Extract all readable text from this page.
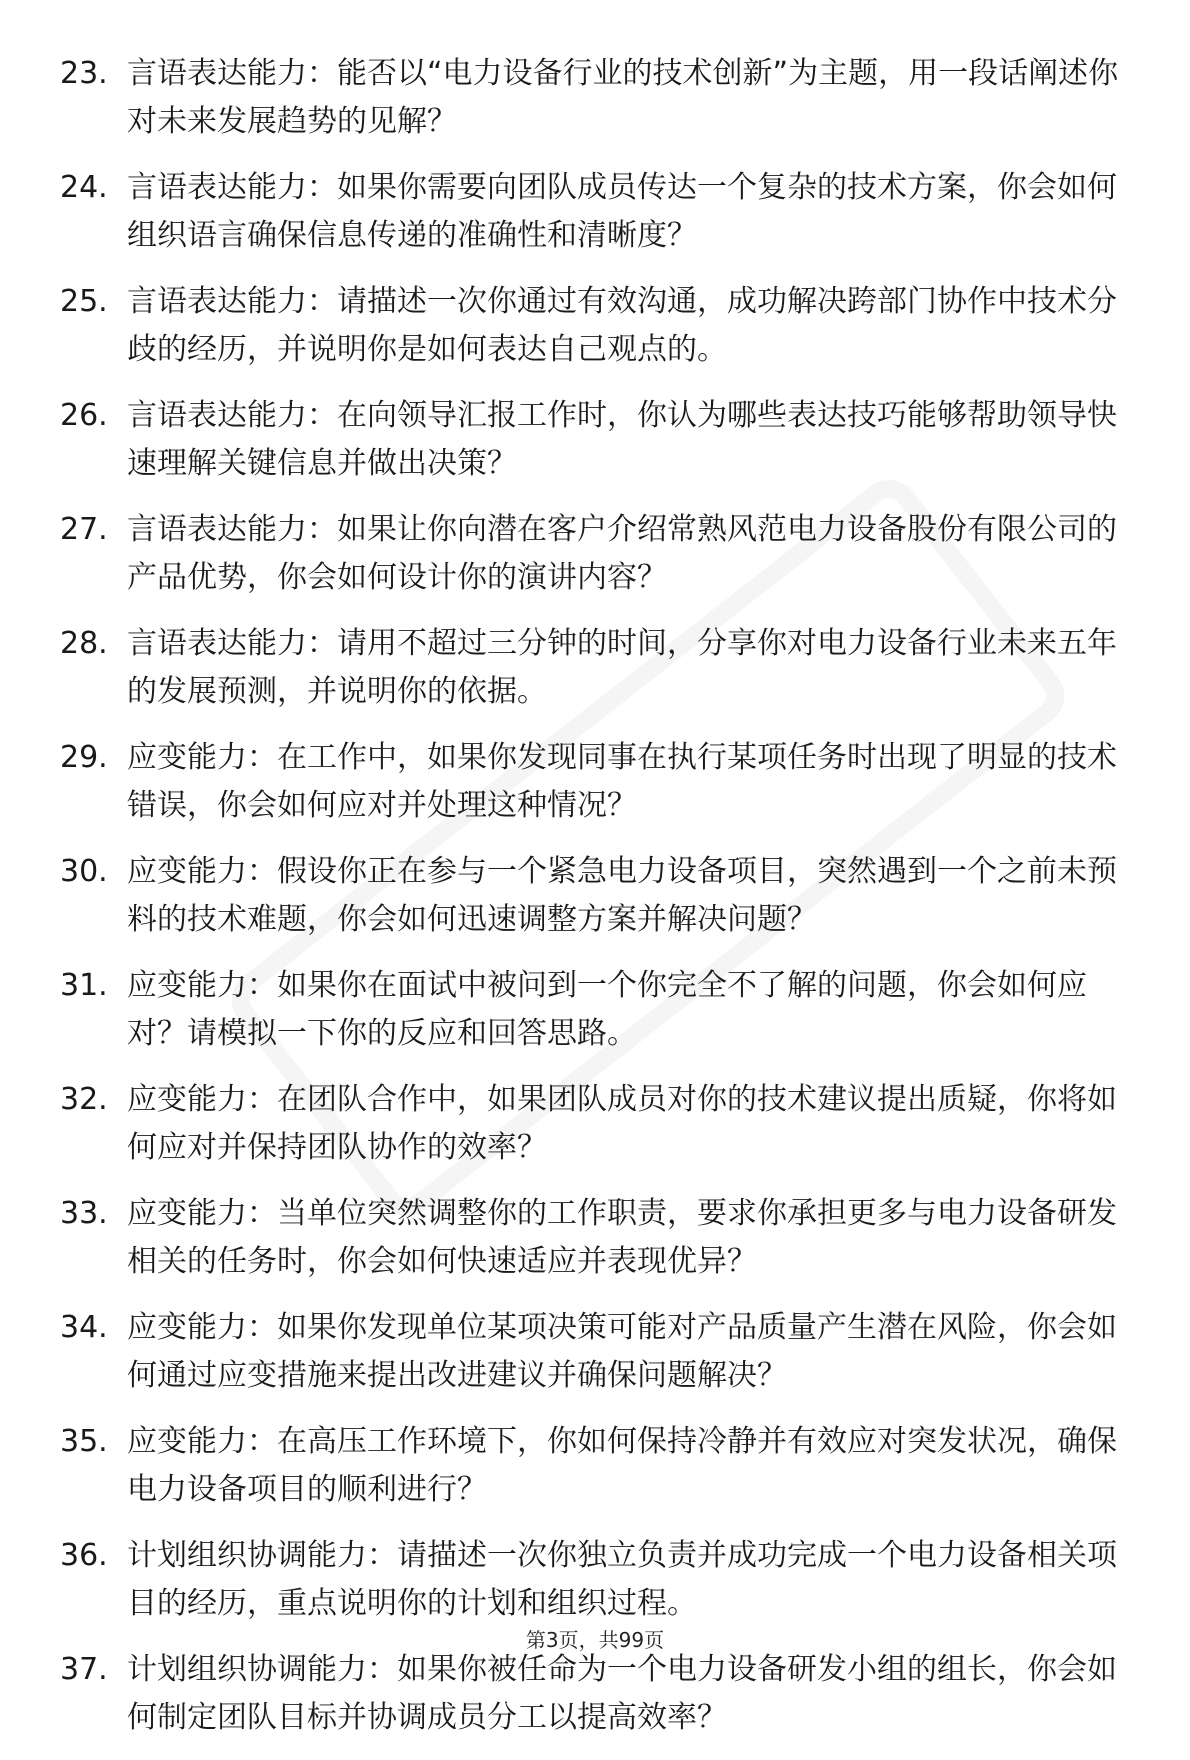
23. 言语表达能力：能否以“电力设备行业的技术创新”为主题，用一段话阐述你对未来发展趋势的见解？
24. 言语表达能力：如果你需要向团队成员传达一个复杂的技术方案，你会如何组织语言确保信息传递的准确性和清晰度？
25. 言语表达能力：请描述一次你通过有效沟通，成功解决跨部门协作中技术分歧的经历，并说明你是如何表达自己观点的。
26. 言语表达能力：在向领导汇报工作时，你认为哪些表达技巧能够帮助领导快速理解关键信息并做出决策？
27. 言语表达能力：如果让你向潜在客户介绍常熟风范电力设备股份有限公司的产品优势，你会如何设计你的演讲内容？
28. 言语表达能力：请用不超过三分钟的时间，分享你对电力设备行业未来五年的发展预测，并说明你的依据。
29. 应变能力：在工作中，如果你发现同事在执行某项任务时出现了明显的技术错误，你会如何应对并处理这种情况？
30. 应变能力：假设你正在参与一个紧急电力设备项目，突然遇到一个之前未预料的技术难题，你会如何迅速调整方案并解决问题？
31. 应变能力：如果你在面试中被问到一个你完全不了解的问题，你会如何应对？请模拟一下你的反应和回答思路。
32. 应变能力：在团队合作中，如果团队成员对你的技术建议提出质疑，你将如何应对并保持团队协作的效率？
33. 应变能力：当单位突然调整你的工作职责，要求你承担更多与电力设备研发相关的任务时，你会如何快速适应并表现优异？
34. 应变能力：如果你发现单位某项决策可能对产品质量产生潜在风险，你会如何通过应变措施来提出改进建议并确保问题解决？
35. 应变能力：在高压工作环境下，你如何保持冷静并有效应对突发状况，确保电力设备项目的顺利进行？
36. 计划组织协调能力：请描述一次你独立负责并成功完成一个电力设备相关项目的经历，重点说明你的计划和组织过程。
37. 计划组织协调能力：如果你被任命为一个电力设备研发小组的组长，你会如何制定团队目标并协调成员分工以提高效率？
第3页，共99页
